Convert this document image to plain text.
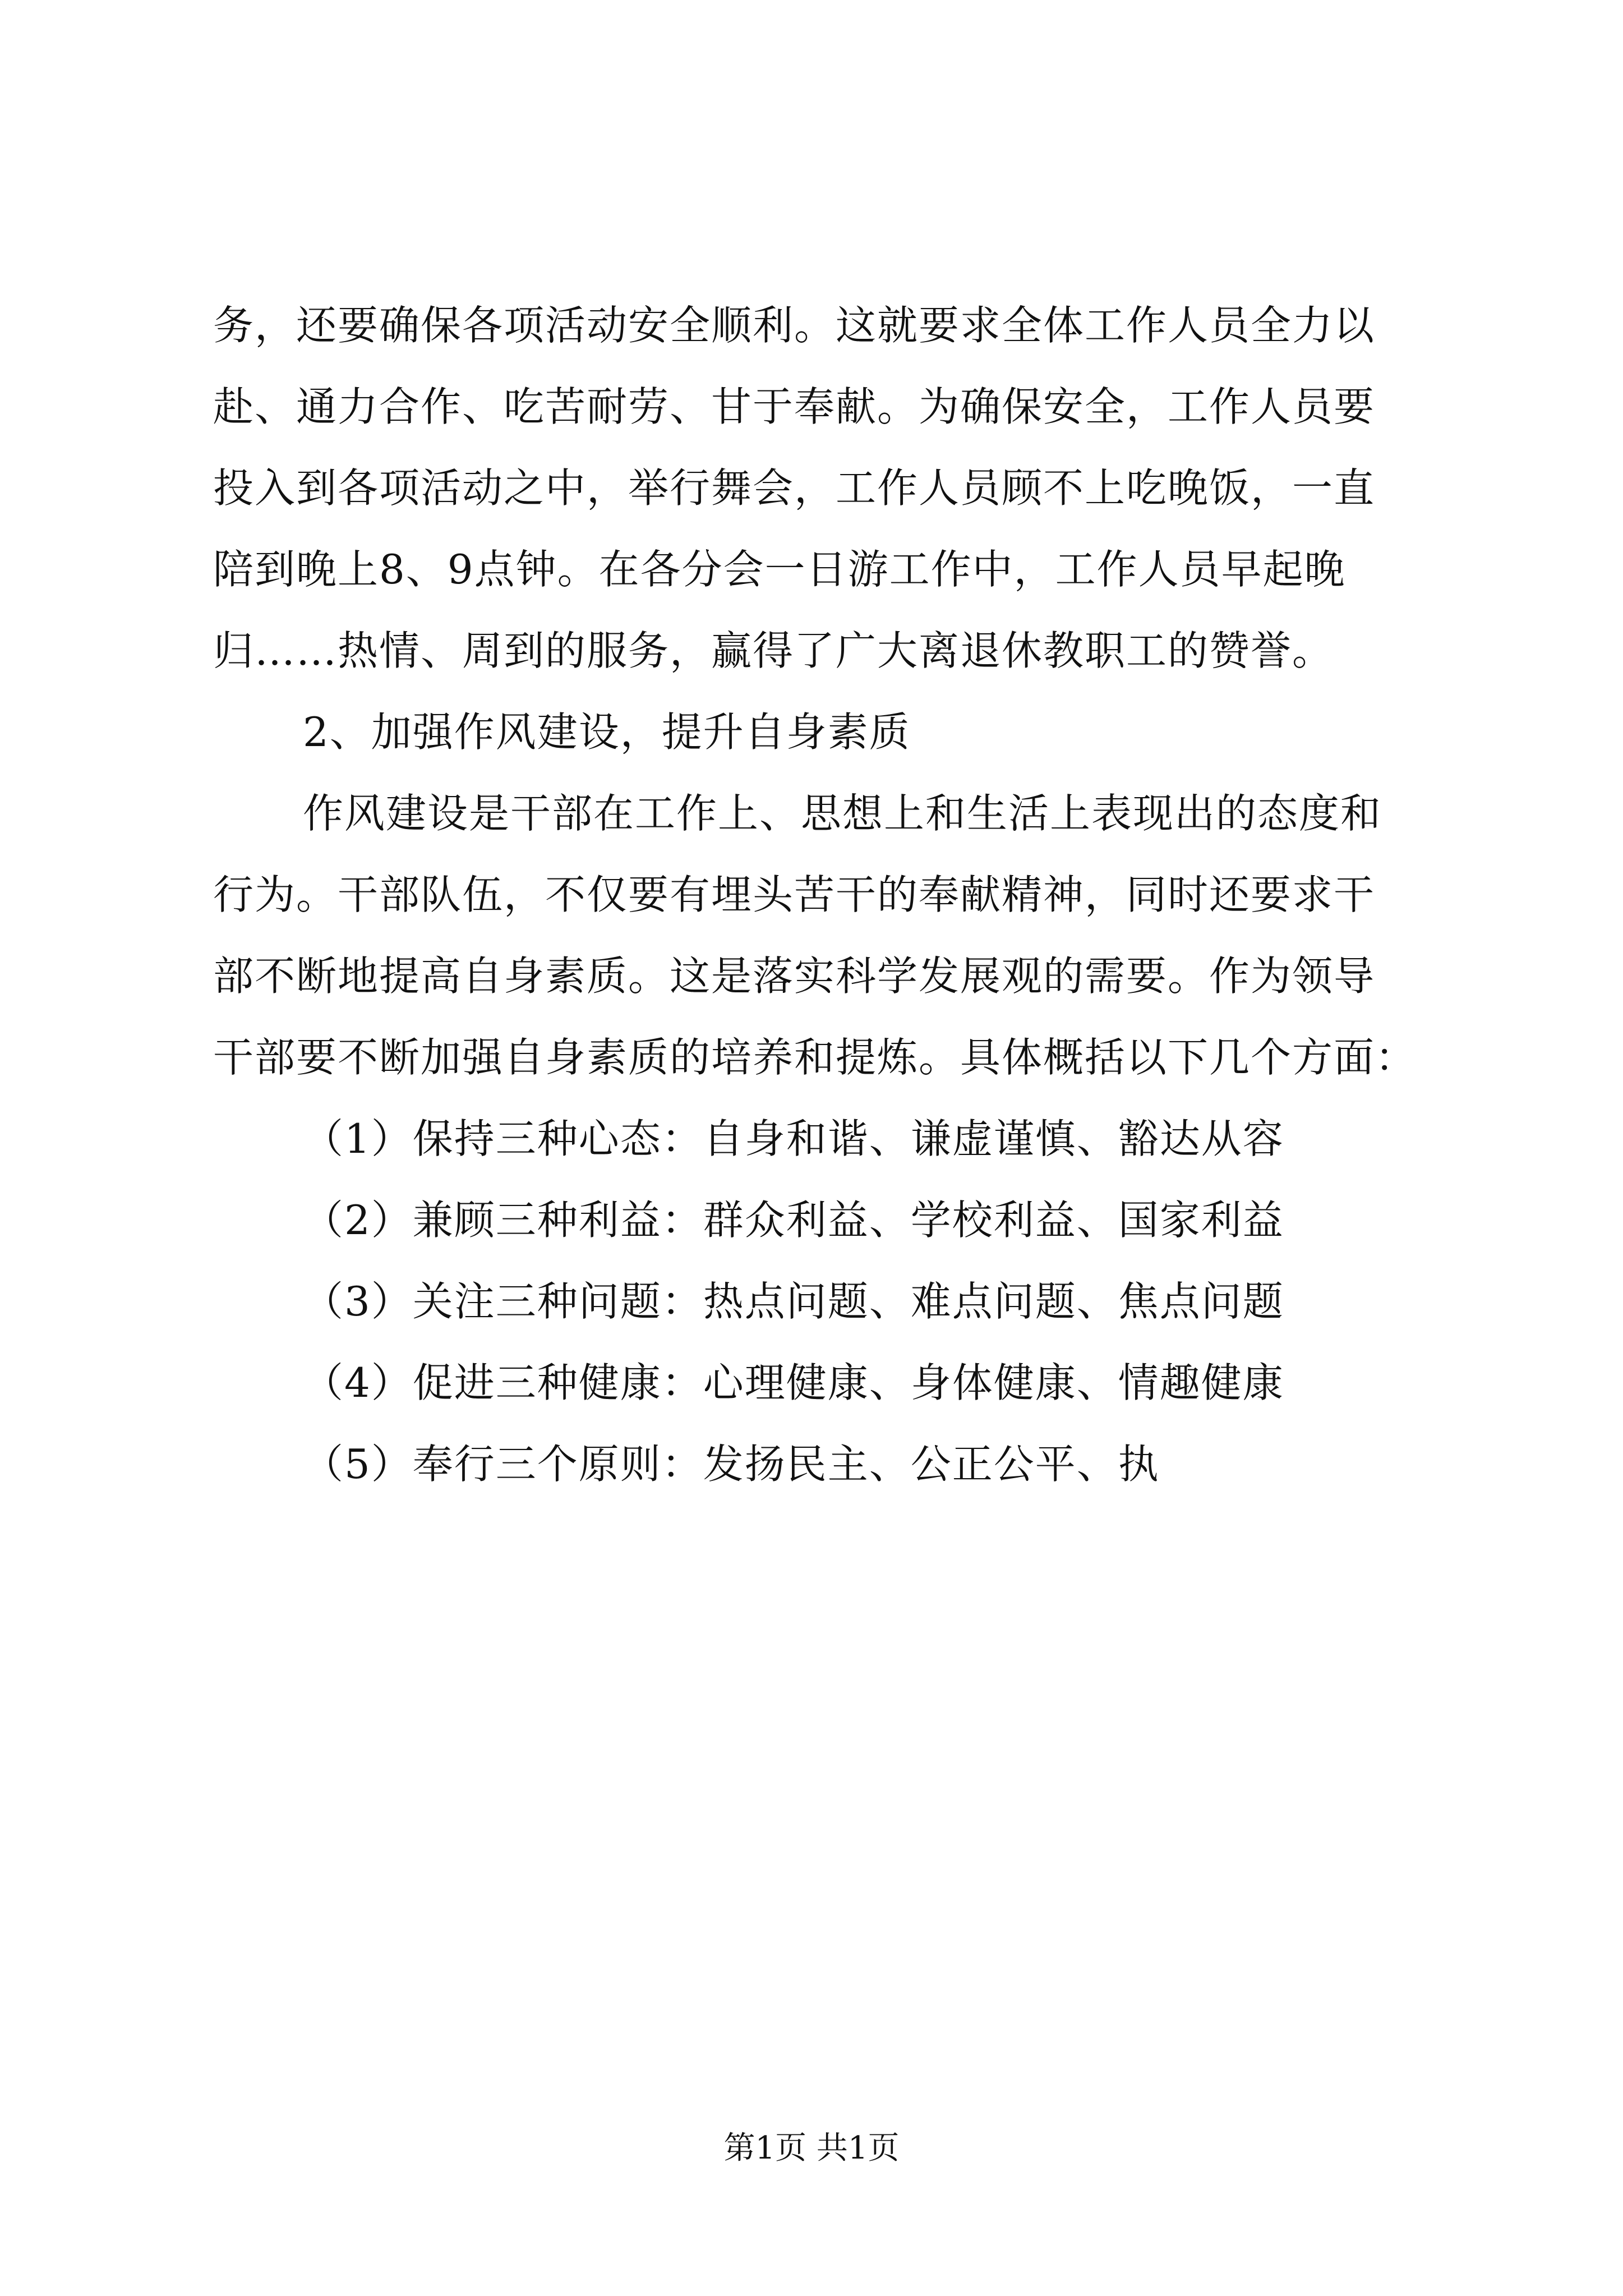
务，还要确保各项活动安全顺利。这就要求全体工作人员全力以
赴、通力合作、吃苦耐劳、甘于奉献。为确保安全，工作人员要
投入到各项活动之中，举行舞会，工作人员顾不上吃晚饭，一直
陪到晚上8、9点钟。在各分会一日游工作中，工作人员早起晚
归……热情、周到的服务，赢得了广大离退休教职工的赞誉。
2、加强作风建设，提升自身素质
作风建设是干部在工作上、思想上和生活上表现出的态度和
行为。干部队伍，不仅要有埋头苦干的奉献精神，同时还要求干
部不断地提高自身素质。这是落实科学发展观的需要。作为领导
干部要不断加强自身素质的培养和提炼。具体概括以下几个方面：
（1）保持三种心态：自身和谐、谦虚谨慎、豁达从容
（2）兼顾三种利益：群众利益、学校利益、国家利益
（3）关注三种问题：热点问题、难点问题、焦点问题
（4）促进三种健康：心理健康、身体健康、情趣健康
（5）奉行三个原则：发扬民主、公正公平、执
第1页 共1页
